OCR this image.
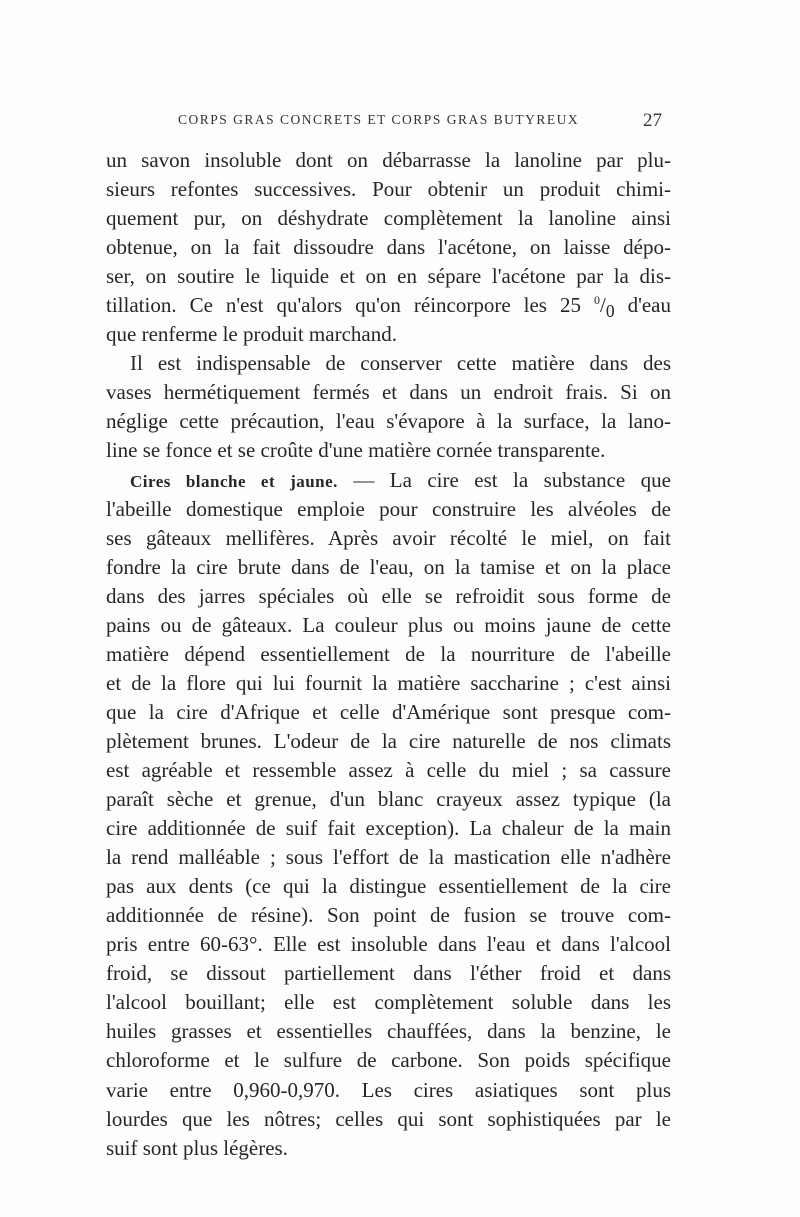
CORPS GRAS CONCRETS ET CORPS GRAS BUTYREUX	27
un savon insoluble dont on débarrasse la lanoline par plu-
sieurs refontes successives. Pour obtenir un produit chimi-
quement pur, on déshydrate complètement la lanoline ainsi
obtenue, on la fait dissoudre dans l'acétone, on laisse dépo-
ser, on soutire le liquide et on en sépare l'acétone par la dis-
tillation. Ce n'est qu'alors qu'on réincorpore les 25 $^0/_0$ d'eau
que renferme le produit marchand.
Il est indispensable de conserver cette matière dans des
vases hermétiquement fermés et dans un endroit frais. Si on
néglige cette précaution, l'eau s'évapore à la surface, la lano-
line se fonce et se croûte d'une matière cornée transparente.
Cires blanche et jaune. — La cire est la substance que
l'abeille domestique emploie pour construire les alvéoles de
ses gâteaux mellifères. Après avoir récolté le miel, on fait
fondre la cire brute dans de l'eau, on la tamise et on la place
dans des jarres spéciales où elle se refroidit sous forme de
pains ou de gâteaux. La couleur plus ou moins jaune de cette
matière dépend essentiellement de la nourriture de l'abeille
et de la flore qui lui fournit la matière saccharine ; c'est ainsi
que la cire d'Afrique et celle d'Amérique sont presque com-
plètement brunes. L'odeur de la cire naturelle de nos climats
est agréable et ressemble assez à celle du miel ; sa cassure
paraît sèche et grenue, d'un blanc crayeux assez typique (la
cire additionnée de suif fait exception). La chaleur de la main
la rend malléable ; sous l'effort de la mastication elle n'adhère
pas aux dents (ce qui la distingue essentiellement de la cire
additionnée de résine). Son point de fusion se trouve com-
pris entre 60-63°. Elle est insoluble dans l'eau et dans l'alcool
froid, se dissout partiellement dans l'éther froid et dans
l'alcool bouillant; elle est complètement soluble dans les
huiles grasses et essentielles chauffées, dans la benzine, le
chloroforme et le sulfure de carbone. Son poids spécifique
varie entre 0,960-0,970. Les cires asiatiques sont plus
lourdes que les nôtres; celles qui sont sophistiquées par le
suif sont plus légères.
